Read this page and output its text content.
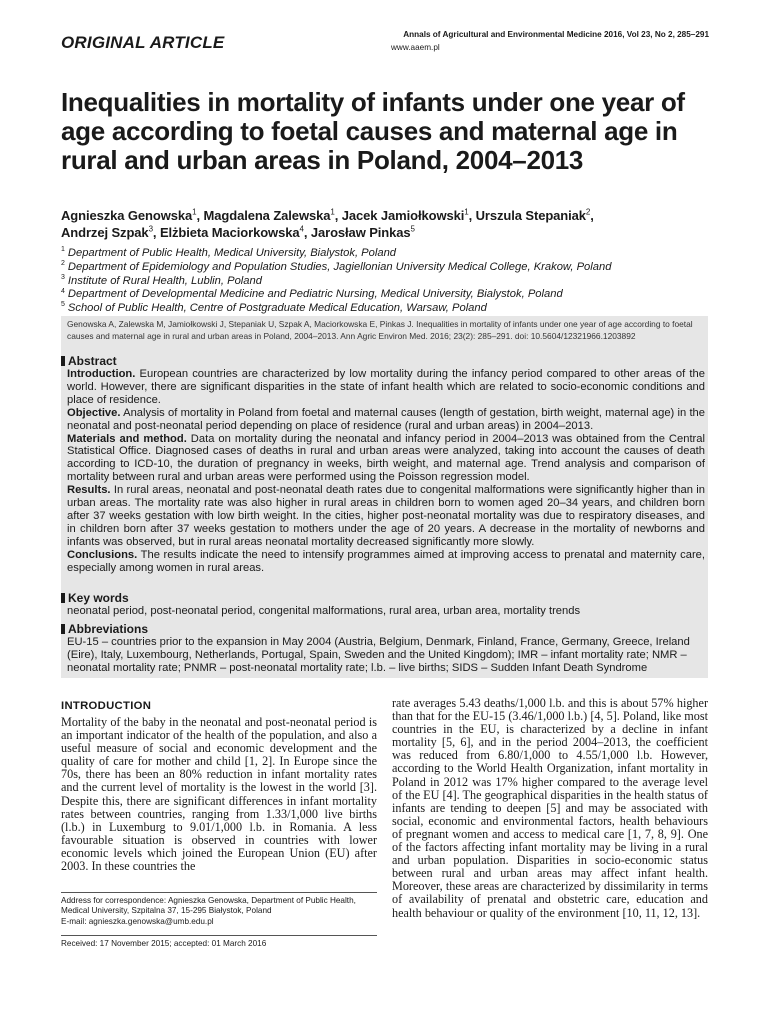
ORIGINAL ARTICLE	Annals of Agricultural and Environmental Medicine 2016, Vol 23, No 2, 285–291
www.aaem.pl
Inequalities in mortality of infants under one year of age according to foetal causes and maternal age in rural and urban areas in Poland, 2004–2013
Agnieszka Genowska$^1$, Magdalena Zalewska$^1$, Jacek Jamiołkowski$^1$, Urszula Stepaniak$^2$,
Andrzej Szpak$^3$, Elżbieta Maciorkowska$^4$, Jarosław Pinkas$^5$
$^1$ Department of Public Health, Medical University, Bialystok, Poland
$^2$ Department of Epidemiology and Population Studies, Jagiellonian University Medical College, Krakow, Poland
$^3$ Institute of Rural Health, Lublin, Poland
$^4$ Department of Developmental Medicine and Pediatric Nursing, Medical University, Bialystok, Poland
$^5$ School of Public Health, Centre of Postgraduate Medical Education, Warsaw, Poland
Genowska A, Zalewska M, Jamiołkowski J, Stepaniak U, Szpak A, Maciorkowska E, Pinkas J. Inequalities in mortality of infants under one year of age according to foetal causes and maternal age in rural and urban areas in Poland, 2004–2013. Ann Agric Environ Med. 2016; 23(2): 285–291. doi: 10.5604/12321966.1203892
Abstract

Introduction. European countries are characterized by low mortality during the infancy period compared to other areas of the world. However, there are significant disparities in the state of infant health which are related to socio-economic conditions and place of residence.

Objective. Analysis of mortality in Poland from foetal and maternal causes (length of gestation, birth weight, maternal age) in the neonatal and post-neonatal period depending on place of residence (rural and urban areas) in 2004–2013.

Materials and method. Data on mortality during the neonatal and infancy period in 2004–2013 was obtained from the Central Statistical Office. Diagnosed cases of deaths in rural and urban areas were analyzed, taking into account the causes of death according to ICD-10, the duration of pregnancy in weeks, birth weight, and maternal age. Trend analysis and comparison of mortality between rural and urban areas were performed using the Poisson regression model.

Results. In rural areas, neonatal and post-neonatal death rates due to congenital malformations were significantly higher than in urban areas. The mortality rate was also higher in rural areas in children born to women aged 20–34 years, and children born after 37 weeks gestation with low birth weight. In the cities, higher post-neonatal mortality was due to respiratory diseases, and in children born after 37 weeks gestation to mothers under the age of 20 years. A decrease in the mortality of newborns and infants was observed, but in rural areas neonatal mortality decreased significantly more slowly.

Conclusions. The results indicate the need to intensify programmes aimed at improving access to prenatal and maternity care, especially among women in rural areas.

Key words
neonatal period, post-neonatal period, congenital malformations, rural area, urban area, mortality trends
Abbreviations
EU-15 – countries prior to the expansion in May 2004 (Austria, Belgium, Denmark, Finland, France, Germany, Greece, Ireland (Eire), Italy, Luxembourg, Netherlands, Portugal, Spain, Sweden and the United Kingdom); IMR – infant mortality rate; NMR – neonatal mortality rate; PNMR – post-neonatal mortality rate; l.b. – live births; SIDS – Sudden Infant Death Syndrome
INTRODUCTION
Mortality of the baby in the neonatal and post-neonatal period is an important indicator of the health of the population, and also a useful measure of social and economic development and the quality of care for mother and child [1, 2]. In Europe since the 70s, there has been an 80% reduction in infant mortality rates and the current level of mortality is the lowest in the world [3]. Despite this, there are significant differences in infant mortality rates between countries, ranging from 1.33/1,000 live births (l.b.) in Luxemburg to 9.01/1,000 l.b. in Romania. A less favourable situation is observed in countries with lower economic levels which joined the European Union (EU) after 2003. In these countries the
rate averages 5.43 deaths/1,000 l.b. and this is about 57% higher than that for the EU-15 (3.46/1,000 l.b.) [4, 5]. Poland, like most countries in the EU, is characterized by a decline in infant mortality [5, 6], and in the period 2004–2013, the coefficient was reduced from 6.80/1,000 to 4.55/1,000 l.b. However, according to the World Health Organization, infant mortality in Poland in 2012 was 17% higher compared to the average level of the EU [4]. The geographical disparities in the health status of infants are tending to deepen [5] and may be associated with social, economic and environmental factors, health behaviours of pregnant women and access to medical care [1, 7, 8, 9]. One of the factors affecting infant mortality may be living in a rural and urban population. Disparities in socio-economic status between rural and urban areas may affect infant health. Moreover, these areas are characterized by dissimilarity in terms of availability of prenatal and obstetric care, education and health behaviour or quality of the environment [10, 11, 12, 13].
Address for correspondence: Agnieszka Genowska, Department of Public Health,
Medical University, Szpitalna 37, 15-295 Białystok, Poland
E-mail: agnieszka.genowska@umb.edu.pl
Received: 17 November 2015; accepted: 01 March 2016
